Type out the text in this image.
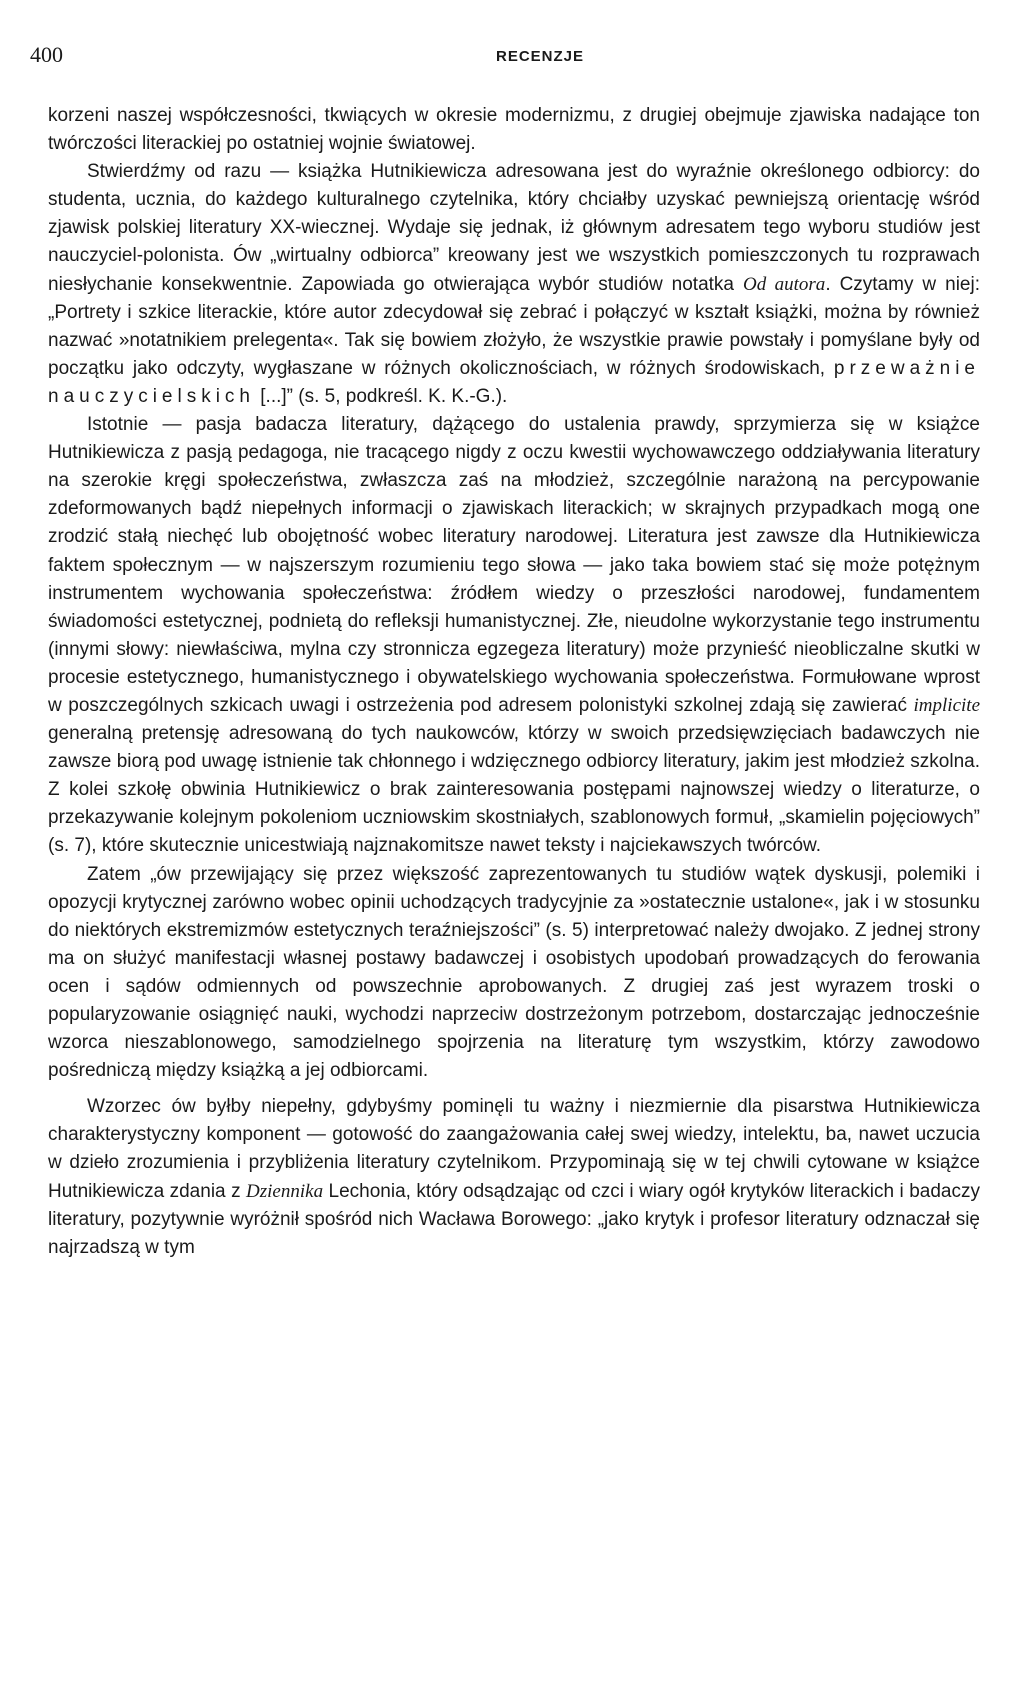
400	RECENZJE

korzeni naszej współczesności, tkwiących w okresie modernizmu, z drugiej obejmuje zjawiska nadające ton twórczości literackiej po ostatniej wojnie światowej.

Stwierdźmy od razu — książka Hutnikiewicza adresowana jest do wyraźnie określonego odbiorcy: do studenta, ucznia, do każdego kulturalnego czytelnika, który chciałby uzyskać pewniejszą orientację wśród zjawisk polskiej literatury XX-wiecznej. Wydaje się jednak, iż głównym adresatem tego wyboru studiów jest nauczyciel-polonista. Ów „wirtualny odbiorca” kreowany jest we wszystkich pomieszczonych tu rozprawach niesłychanie konsekwentnie. Zapowiada go otwierająca wybór studiów notatka Od autora. Czytamy w niej: „Portrety i szkice literackie, które autor zdecydował się zebrać i połączyć w kształt książki, można by również nazwać »notatnikiem prelegenta«. Tak się bowiem złożyło, że wszystkie prawie powstały i pomyślane były od początku jako odczyty, wygłaszane w różnych okolicznościach, w różnych środowiskach, przeważnie nauczycielskich [...]” (s. 5, podkreśl. K. K.-G.).

Istotnie — pasja badacza literatury, dążącego do ustalenia prawdy, sprzymierza się w książce Hutnikiewicza z pasją pedagoga, nie tracącego nigdy z oczu kwestii wychowawczego oddziaływania literatury na szerokie kręgi społeczeństwa, zwłaszcza zaś na młodzież, szczególnie narażoną na percypowanie zdeformowanych bądź niepełnych informacji o zjawiskach literackich; w skrajnych przypadkach mogą one zrodzić stałą niechęć lub obojętność wobec literatury narodowej. Literatura jest zawsze dla Hutnikiewicza faktem społecznym — w najszerszym rozumieniu tego słowa — jako taka bowiem stać się może potężnym instrumentem wychowania społeczeństwa: źródłem wiedzy o przeszłości narodowej, fundamentem świadomości estetycznej, podnietą do refleksji humanistycznej. Złe, nieudolne wykorzystanie tego instrumentu (innymi słowy: niewłaściwa, mylna czy stronnicza egzegeza literatury) może przynieść nieobliczalne skutki w procesie estetycznego, humanistycznego i obywatelskiego wychowania społeczeństwa. Formułowane wprost w poszczególnych szkicach uwagi i ostrzeżenia pod adresem polonistyki szkolnej zdają się zawierać implicite generalną pretensję adresowaną do tych naukowców, którzy w swoich przedsięwzięciach badawczych nie zawsze biorą pod uwagę istnienie tak chłonnego i wdzięcznego odbiorcy literatury, jakim jest młodzież szkolna. Z kolei szkołę obwinia Hutnikiewicz o brak zainteresowania postępami najnowszej wiedzy o literaturze, o przekazywanie kolejnym pokoleniom uczniowskim skostniałych, szablonowych formuł, „skamielin pojęciowych” (s. 7), które skutecznie unicestwiają najznakomitsze nawet teksty i najciekawszych twórców.

Zatem „ów przewijający się przez większość zaprezentowanych tu studiów wątek dyskusji, polemiki i opozycji krytycznej zarówno wobec opinii uchodzących tradycyjnie za »ostatecznie ustalone«, jak i w stosunku do niektórych ekstremizmów estetycznych teraźniejszości” (s. 5) interpretować należy dwojako. Z jednej strony ma on służyć manifestacji własnej postawy badawczej i osobistych upodobań prowadzących do ferowania ocen i sądów odmiennych od powszechnie aprobowanych. Z drugiej zaś jest wyrazem troski o popularyzowanie osiągnięć nauki, wychodzi naprzeciw dostrzeżonym potrzebom, dostarczając jednocześnie wzorca nieszablonowego, samodzielnego spojrzenia na literaturę tym wszystkim, którzy zawodowo pośredniczą między książką a jej odbiorcami.

Wzorzec ów byłby niepełny, gdybyśmy pominęli tu ważny i niezmiernie dla pisarstwa Hutnikiewicza charakterystyczny komponent — gotowość do zaangażowania całej swej wiedzy, intelektu, ba, nawet uczucia w dzieło zrozumienia i przybliżenia literatury czytelnikom. Przypominają się w tej chwili cytowane w książce Hutnikiewicza zdania z Dziennika Lechonia, który odsądzając od czci i wiary ogół krytyków literackich i badaczy literatury, pozytywnie wyróżnił spośród nich Wacława Borowego: „jako krytyk i profesor literatury odznaczał się najrzadszą w tym
